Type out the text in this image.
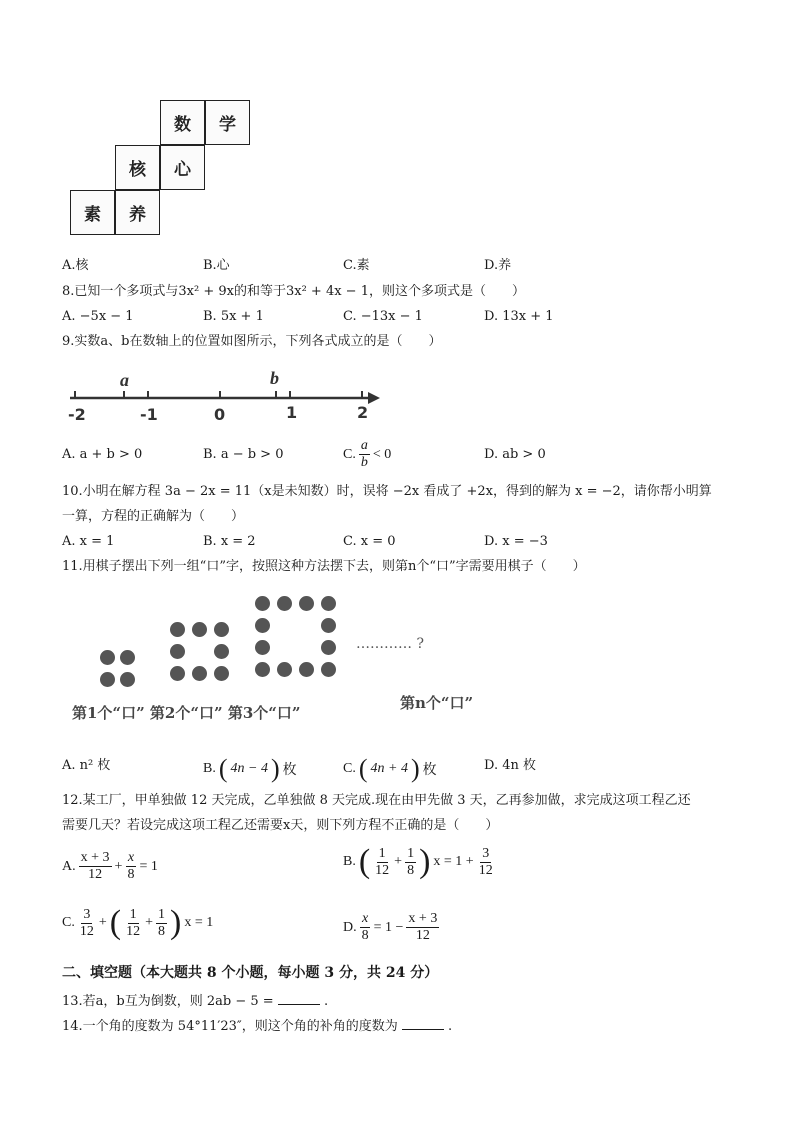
数	学
核	心
素	养
A.核	B.心	C.素	D.养
8.已知一个多项式与3x² + 9x的和等于3x² + 4x − 1，则这个多项式是（　　）
A. −5x − 1	B. 5x + 1	C. −13x − 1	D. 13x + 1
9.实数a、b在数轴上的位置如图所示，下列各式成立的是（　　）
-2	-1	0	1	2
a	b
A. a + b > 0	B. a − b > 0	C. $\frac{a}{b} < 0$	D. ab > 0
10.小明在解方程 3a − 2x = 11（x是未知数）时，误将 −2x 看成了 +2x，得到的解为 x = −2，请你帮小明算
一算，方程的正确解为（　　）
A. x = 1	B. x = 2	C. x = 0	D. x = −3
11.用棋子摆出下列一组“口”字，按照这种方法摆下去，则第n个“口”字需要用棋子（　　）
………… ?
第1个“口” 第2个“口” 第3个“口”
第n个“口”
A. n² 枚	B. ( 4n − 4 ) 枚	C. ( 4n + 4 ) 枚	D. 4n 枚
12.某工厂，甲单独做 12 天完成，乙单独做 8 天完成.现在由甲先做 3 天，乙再参加做，求完成这项工程乙还
需要几天？若设完成这项工程乙还需要x天，则下列方程不正确的是（　　）
A. $\frac{x + 3}{12} + \frac{x}{8} = 1$	B. ( $\frac{1}{12} + \frac{1}{8}$ ) $x = 1 + \frac{3}{12}$
C. $\frac{3}{12}$ + ( $\frac{1}{12} + \frac{1}{8}$ ) x = 1	D. $\frac{x}{8} = 1 - \frac{x + 3}{12}$
二、填空题（本大题共 8 个小题，每小题 3 分，共 24 分）
13.若a，b互为倒数，则 2ab − 5 =	.
14.一个角的度数为 54°11′23″，则这个角的补角的度数为	.
